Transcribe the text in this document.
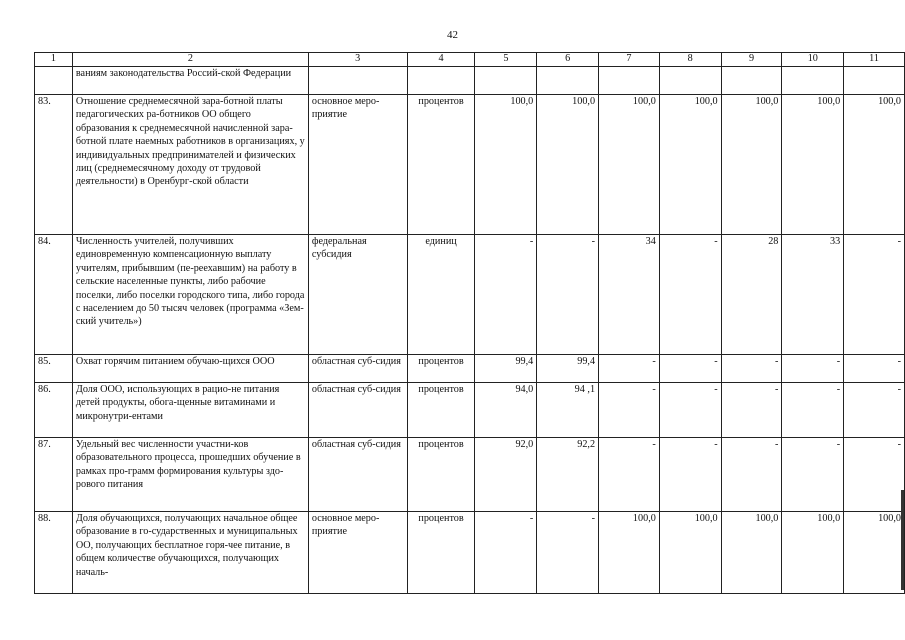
42
1	2	3	4	5	6	7	8	9	10	11
	ваниям законодательства Россий-ской Федерации									
83.	Отношение среднемесячной зара-ботной платы педагогических ра-ботников ОО общего образования к среднемесячной начисленной зара-ботной плате наемных работников в организациях, у индивидуальных предпринимателей и физических лиц (среднемесячному доходу от трудовой деятельности) в Оренбург-ской области	основное меро-приятие	процентов	100,0	100,0	100,0	100,0	100,0	100,0	100,0
84.	Численность учителей, получивших единовременную компенсационную выплату учителям, прибывшим (пе-реехавшим) на работу в сельские населенные пункты, либо рабочие поселки, либо поселки городского типа, либо города с населением до 50 тысяч человек (программа «Зем-ский учитель»)	федеральная субсидия	единиц	-	-	34	-	28	33	-
85.	Охват горячим питанием обучаю-щихся ООО	областная суб-сидия	процентов	99,4	99,4	-	-	-	-	-
86.	Доля ООО, использующих в рацио-не питания детей продукты, обога-щенные витаминами и микронутри-ентами	областная суб-сидия	процентов	94,0	94 ,1	-	-	-	-	-
87.	Удельный вес численности участни-ков образовательного процесса, прошедших обучение в рамках про-грамм формирования культуры здо-рового питания	областная суб-сидия	процентов	92,0	92,2	-	-	-	-	-
88.	Доля обучающихся, получающих начальное общее образование в го-сударственных и муниципальных ОО, получающих бесплатное горя-чее питание, в общем количестве обучающихся, получающих началь-	основное меро-приятие	процентов	-	-	100,0	100,0	100,0	100,0	100,0
